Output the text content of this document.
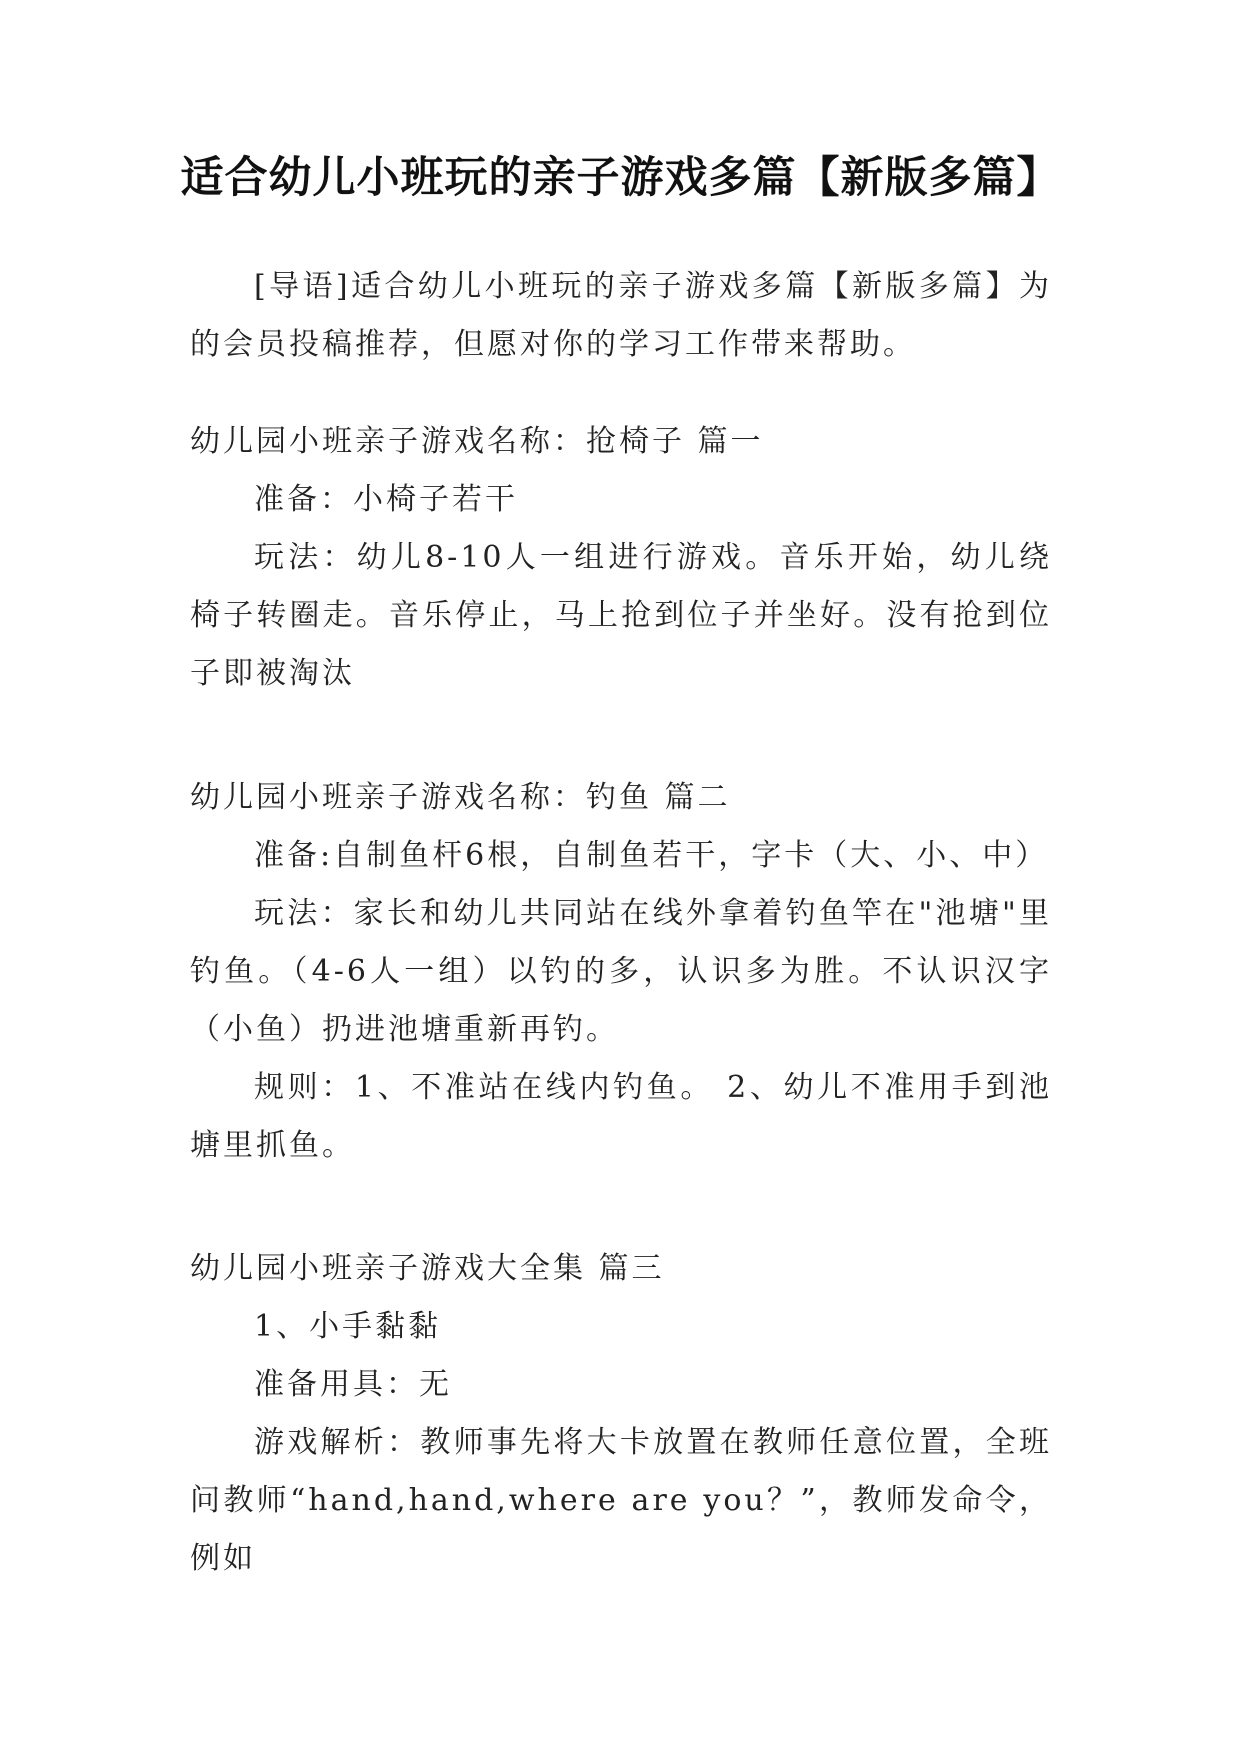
适合幼儿小班玩的亲子游戏多篇【新版多篇】

[导语]适合幼儿小班玩的亲子游戏多篇【新版多篇】为的会员投稿推荐，但愿对你的学习工作带来帮助。

幼儿园小班亲子游戏名称：抢椅子 篇一

准备：小椅子若干

玩法：幼儿8-10人一组进行游戏。音乐开始，幼儿绕椅子转圈走。音乐停止，马上抢到位子并坐好。没有抢到位子即被淘汰

幼儿园小班亲子游戏名称：钓鱼 篇二

准备:自制鱼杆6根，自制鱼若干，字卡（大、小、中）

玩法：家长和幼儿共同站在线外拿着钓鱼竿在"池塘"里钓鱼。（4-6人一组）以钓的多，认识多为胜。不认识汉字（小鱼）扔进池塘重新再钓。

规则：1、不准站在线内钓鱼。 2、幼儿不准用手到池塘里抓鱼。

幼儿园小班亲子游戏大全集 篇三

1、小手黏黏

准备用具：无

游戏解析：教师事先将大卡放置在教师任意位置，全班问教师“hand,hand,where are you？”，教师发命令，例如
